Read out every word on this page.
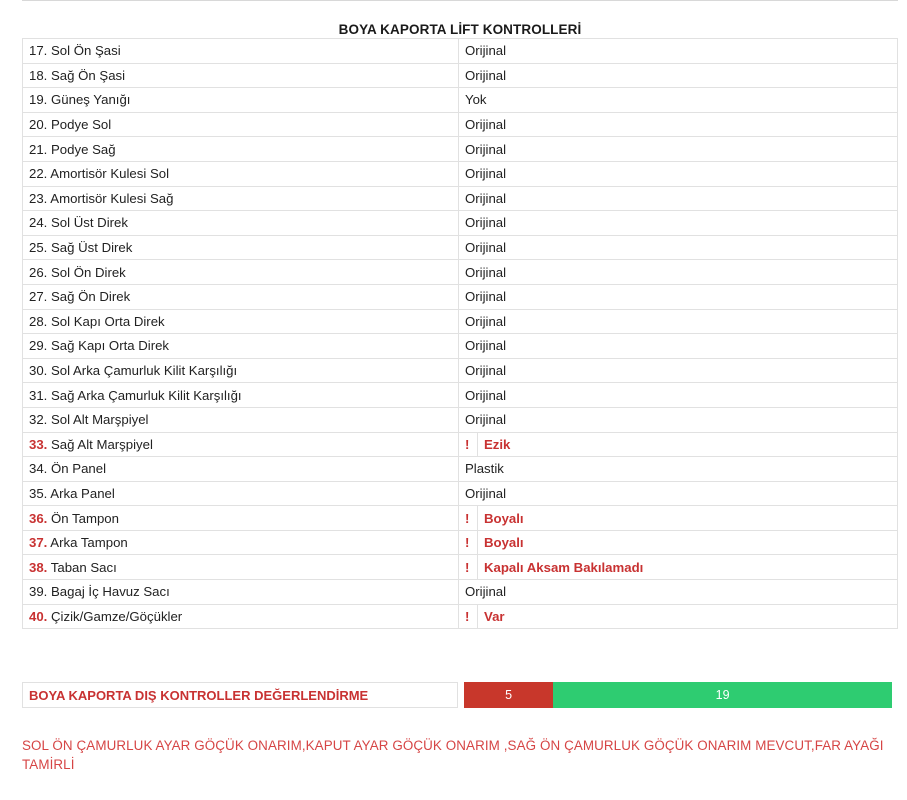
BOYA KAPORTA LİFT KONTROLLERİ
17. Sol Ön Şasi	Orijinal
18. Sağ Ön Şasi	Orijinal
19. Güneş Yanığı	Yok
20. Podye Sol	Orijinal
21. Podye Sağ	Orijinal
22. Amortisör Kulesi Sol	Orijinal
23. Amortisör Kulesi Sağ	Orijinal
24. Sol Üst Direk	Orijinal
25. Sağ Üst Direk	Orijinal
26. Sol Ön Direk	Orijinal
27. Sağ Ön Direk	Orijinal
28. Sol Kapı Orta Direk	Orijinal
29. Sağ Kapı Orta Direk	Orijinal
30. Sol Arka Çamurluk Kilit Karşılığı	Orijinal
31. Sağ Arka Çamurluk Kilit Karşılığı	Orijinal
32. Sol Alt Marşpiyel	Orijinal
33. Sağ Alt Marşpiyel	! Ezik

34. Ön Panel	Plastik
35. Arka Panel	Orijinal
36. Ön Tampon	! Boyalı

37. Arka Tampon	! Boyalı

38. Taban Sacı	! Kapalı Aksam Bakılamadı

39. Bagaj İç Havuz Sacı	Orijinal
40. Çizik/Gamze/Göçükler	! Var
BOYA KAPORTA DIŞ KONTROLLER DEĞERLENDİRME	5	19
SOL ÖN ÇAMURLUK AYAR GÖÇÜK ONARIM,KAPUT AYAR GÖÇÜK ONARIM ,SAĞ ÖN ÇAMURLUK GÖÇÜK ONARIM MEVCUT,FAR AYAĞI TAMİRLİ
